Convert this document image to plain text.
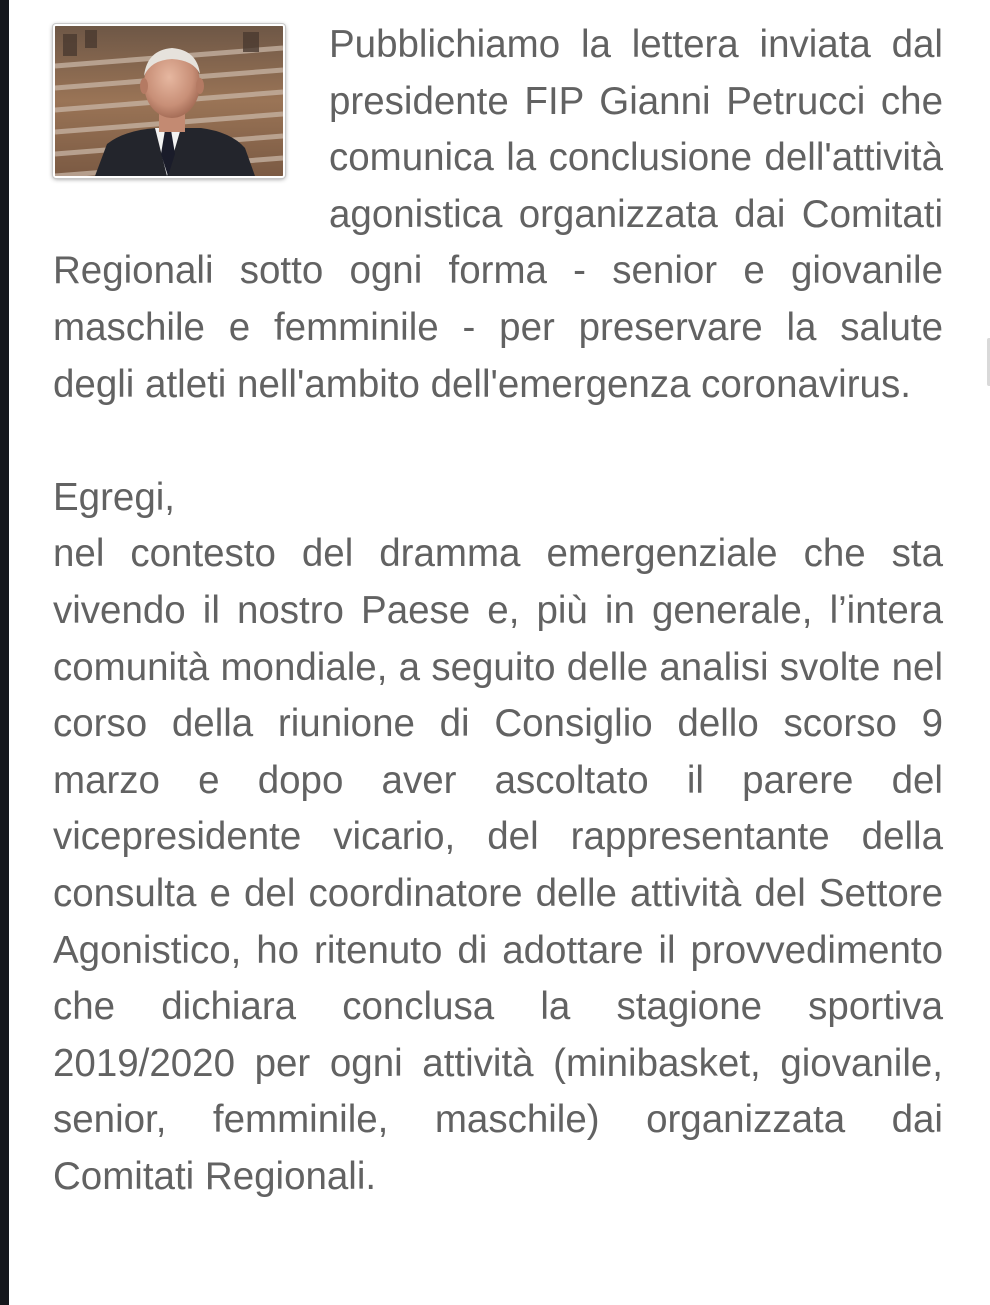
Pubblichiamo la lettera inviata dal presidente FIP Gianni Petrucci che comunica la conclusione dell'attività agonistica organizzata dai Comitati Regionali sotto ogni forma - senior e giovanile maschile e femminile - per preservare la salute degli atleti nell'ambito dell'emergenza coronavirus.

Egregi,

nel contesto del dramma emergenziale che sta vivendo il nostro Paese e, più in generale, l’intera comunità mondiale, a seguito delle analisi svolte nel corso della riunione di Consiglio dello scorso 9 marzo e dopo aver ascoltato il parere del vicepresidente vicario, del rappresentante della consulta e del coordinatore delle attività del Settore Agonistico, ho ritenuto di adottare il provvedimento che dichiara conclusa la stagione sportiva 2019/2020 per ogni attività (minibasket, giovanile, senior, femminile, maschile) organizzata dai Comitati Regionali.
